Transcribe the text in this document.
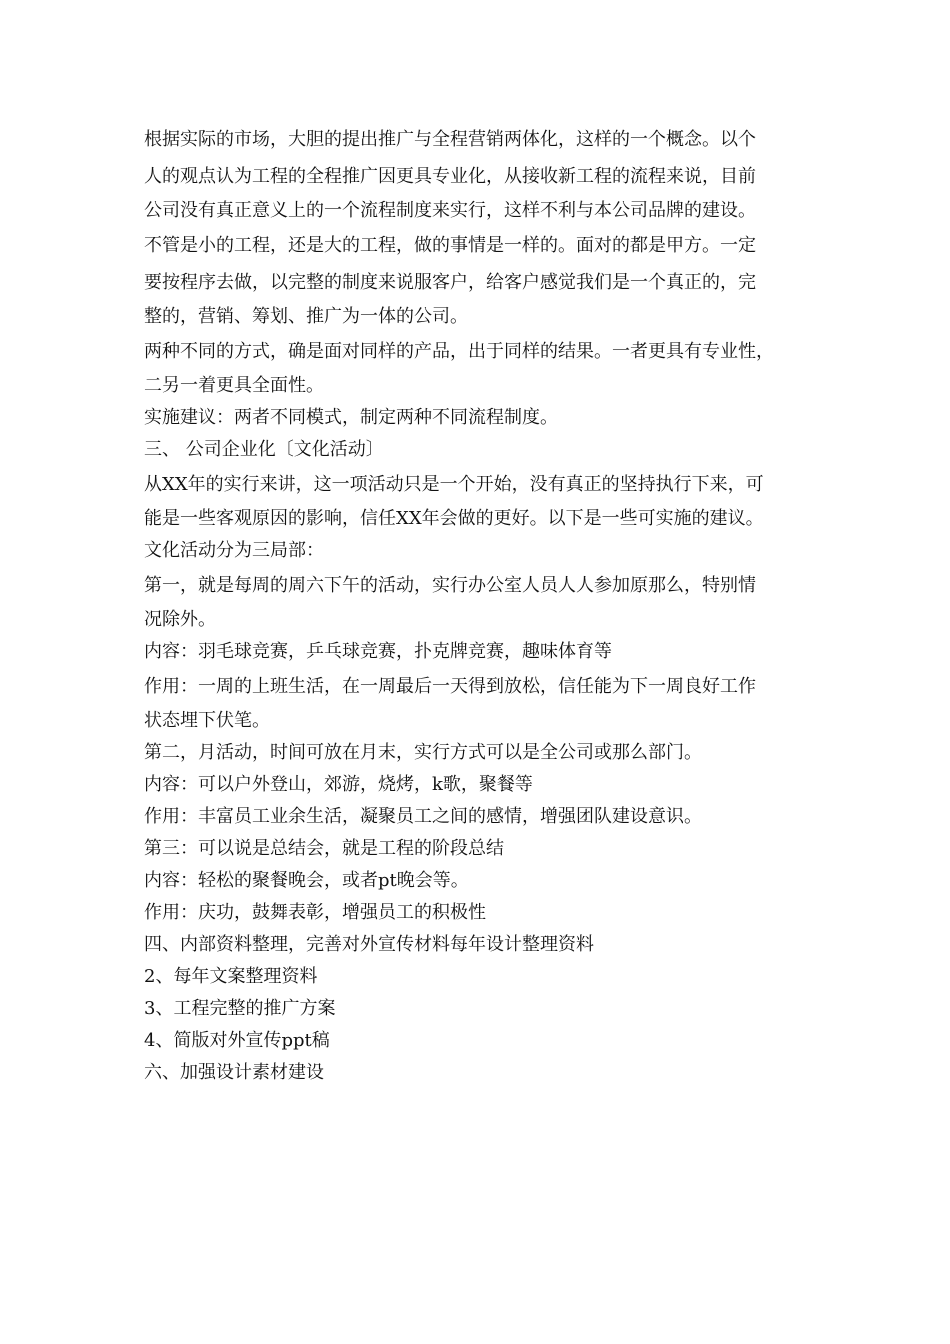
根据实际的市场，大胆的提出推广与全程营销两体化，这样的一个概念。以个
人的观点认为工程的全程推广因更具专业化，从接收新工程的流程来说，目前
公司没有真正意义上的一个流程制度来实行，这样不利与本公司品牌的建设。
不管是小的工程，还是大的工程，做的事情是一样的。面对的都是甲方。一定
要按程序去做，以完整的制度来说服客户，给客户感觉我们是一个真正的，完
整的，营销、筹划、推广为一体的公司。
两种不同的方式，确是面对同样的产品，出于同样的结果。一者更具有专业性，
二另一着更具全面性。
实施建议：两者不同模式，制定两种不同流程制度。
三、 公司企业化〔文化活动〕
从XX年的实行来讲，这一项活动只是一个开始，没有真正的坚持执行下来，可
能是一些客观原因的影响，信任XX年会做的更好。以下是一些可实施的建议。
文化活动分为三局部：
第一，就是每周的周六下午的活动，实行办公室人员人人参加原那么，特别情
况除外。
内容：羽毛球竞赛，乒乓球竞赛，扑克牌竞赛，趣味体育等
作用：一周的上班生活，在一周最后一天得到放松，信任能为下一周良好工作
状态埋下伏笔。
第二，月活动，时间可放在月末，实行方式可以是全公司或那么部门。
内容：可以户外登山，郊游，烧烤，k歌，聚餐等
作用：丰富员工业余生活，凝聚员工之间的感情，增强团队建设意识。
第三：可以说是总结会，就是工程的阶段总结
内容：轻松的聚餐晚会，或者pt晚会等。
作用：庆功，鼓舞表彰，增强员工的积极性
四、内部资料整理，完善对外宣传材料每年设计整理资料
2、每年文案整理资料
3、工程完整的推广方案
4、简版对外宣传ppt稿
六、加强设计素材建设
